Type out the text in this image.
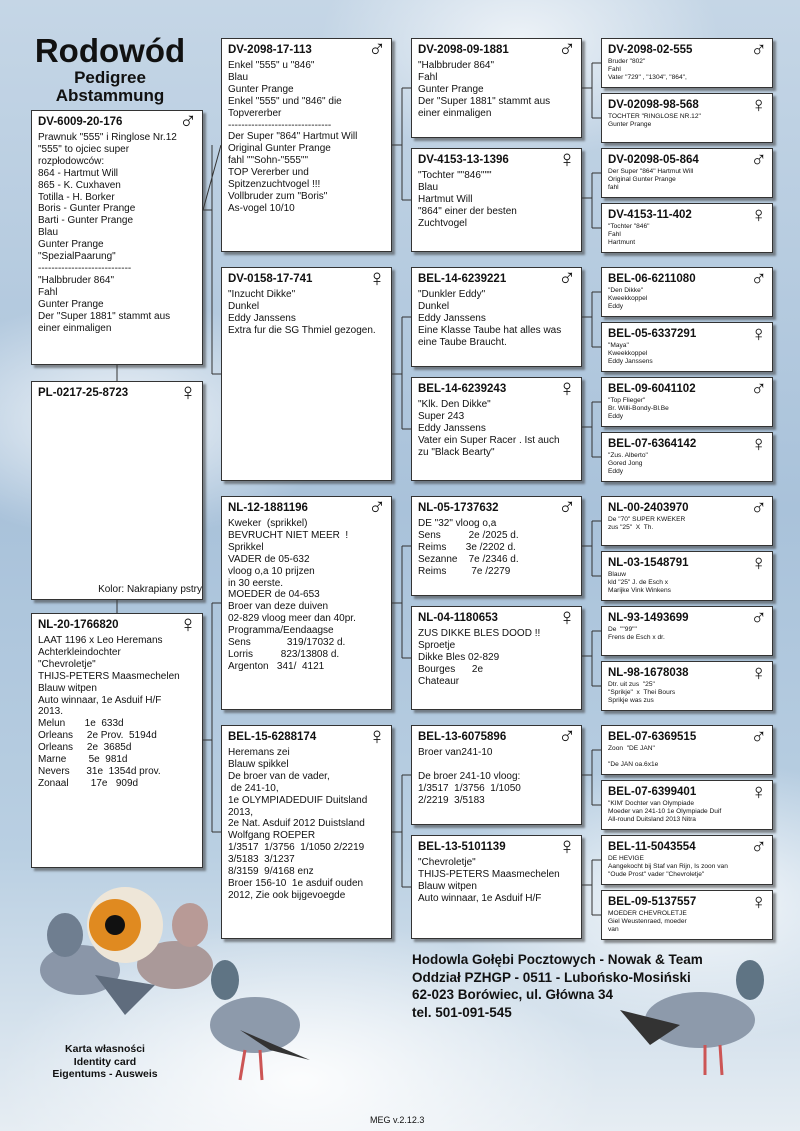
Rodowód
Pedigree
Abstammung
DV-6009-20-176	♂
Prawnuk "555" i Ringlose Nr.12
"555" to ojciec super
rozpłodowców:
864 - Hartmut Will
865 - K. Cuxhaven
Totilla - H. Borker
Boris - Gunter Prange
Barti - Gunter Prange
Blau
Gunter Prange
"SpezialPaarung"
----------------------------
"Halbbruder 864"
Fahl
Gunter Prange
Der "Super 1881" stammt aus
einer einmaligen
PL-0217-25-8723	♀
Kolor: Nakrapiany pstry
NL-20-1766820	♀
LAAT 1196 x Leo Heremans
Achterkleindochter
"Chevroletje"
THIJS-PETERS Maasmechelen
Blauw witpen
Auto winnaar, 1e Asduif H/F
2013.
Melun       1e  633d
Orleans     2e Prov.  5194d
Orleans     2e  3685d
Marne        5e  981d
Nevers      31e  1354d prov.
Zonaal        17e   909d
DV-2098-17-113	♂
Enkel "555" u "846"
Blau
Gunter Prange
Enkel "555" und "846" die
Topvererber
-------------------------------
Der Super "864" Hartmut Will
Original Gunter Prange
fahl ""Sohn-"555""
TOP Vererber und
Spitzenzuchtvogel !!!
Vollbruder zum "Boris"
As-vogel 10/10
DV-0158-17-741	♀
"Inzucht Dikke"
Dunkel
Eddy Janssens
Extra fur die SG Thmiel gezogen.
NL-12-1881196	♂
Kweker  (sprikkel)
BEVRUCHT NIET MEER  !
Sprikkel
VADER de 05-632
vloog o,a 10 prijzen
in 30 eerste.
MOEDER de 04-653
Broer van deze duiven
02-829 vloog meer dan 40pr.
Programma/Eendaagse
Sens             319/17032 d.
Lorris          823/13808 d.
Argenton   341/  4121
BEL-15-6288174	♀
Heremans zei
Blauw spikkel
De broer van de vader,
de 241-10,
1e OLYMPIADEDUIF Duitsland
2013,
2e Nat. Asduif 2012 Duistsland
Wolfgang ROEPER
1/3517  1/3756  1/1050 2/2219
3/5183  3/1237
8/3159  9/4168 enz
Broer 156-10  1e asduif ouden
2012, Zie ook bijgevoegde
DV-2098-09-1881	♂
"Halbbruder 864"
Fahl
Gunter Prange
Der "Super 1881" stammt aus
einer einmaligen
DV-4153-13-1396	♀
"Tochter ""846"""
Blau
Hartmut Will
"864" einer der besten
Zuchtvogel
BEL-14-6239221	♂
"Dunkler Eddy"
Dunkel
Eddy Janssens
Eine Klasse Taube hat alles was
eine Taube Braucht.
BEL-14-6239243	♀
"Klk. Den Dikke"
Super 243
Eddy Janssens
Vater ein Super Racer . Ist auch
zu "Black Bearty"
NL-05-1737632	♂
DE "32" vloog o,a
Sens          2e /2025 d.
Reims       3e /2202 d.
Sezanne    7e /2346 d.
Reims         7e /2279
NL-04-1180653	♀
ZUS DIKKE BLES DOOD !!
Sproetje
Dikke Bles 02-829
Bourges      2e
Chateaur
BEL-13-6075896	♂
Broer van241-10

De broer 241-10 vloog:
1/3517  1/3756  1/1050
2/2219  3/5183
BEL-13-5101139	♀
"Chevroletje"
THIJS-PETERS Maasmechelen
Blauw witpen
Auto winnaar, 1e Asduif H/F
DV-2098-02-555	♂
Bruder "802"
Fahl
Vater "729" , "1304", "864",
DV-02098-98-568	♀
TOCHTER "RINGLOSE NR.12"
Gunter Prange
DV-02098-05-864	♂
Der Super "864" Hartmut Will
Original Gunter Prange
fahl
DV-4153-11-402	♀
"Tochter "846"
Fahl
Hartmunt
BEL-06-6211080	♂
"Den Dikke"
Kweekkoppel
Eddy
BEL-05-6337291	♀
"Maya"
Kweekkoppel
Eddy Janssens
BEL-09-6041102	♂
"Top Flieger"
Br. Willi-Bondy-Bl.Be
Eddy
BEL-07-6364142	♀
"Zus. Alberto"
Gored Jong
Eddy
NL-00-2403970	♂
De "70" SUPER KWEKER
zus "25"  X  Th.
NL-03-1548791	♀
Blauw
kld "25" J. de Esch x
Marijke Vink Winkens
NL-93-1493699	♂
De  ""99""
Frens de Esch x dr.
NL-98-1678038	♀
Dtr. uit zus  "25"
"Sprikje"  x  Thei Bours
Sprikje was zus
BEL-07-6369515	♂
Zoon  "DE JAN"

"De JAN oa.6x1e
BEL-07-6399401	♀
"KIM' Dochter van Olympiade
Moeder van 241-10 1e Olympiade Duif
All-round Duitsland 2013 Nitra
BEL-11-5043554	♂
DE HEVIGE
Aangekocht bij Staf van Rijn, Is zoon van
"Oude Prost" vader "Chevroletje"
BEL-09-5137557	♀
MOEDER CHEVROLETJE
Giel Weustenraed, moeder
van
Hodowla Gołębi Pocztowych - Nowak & Team
Oddział PZHGP - 0511 - Lubońsko-Mosiński
62-023 Borówiec, ul. Główna 34
tel. 501-091-545
Karta własności
Identity card
Eigentums - Ausweis
MEG v.2.12.3
